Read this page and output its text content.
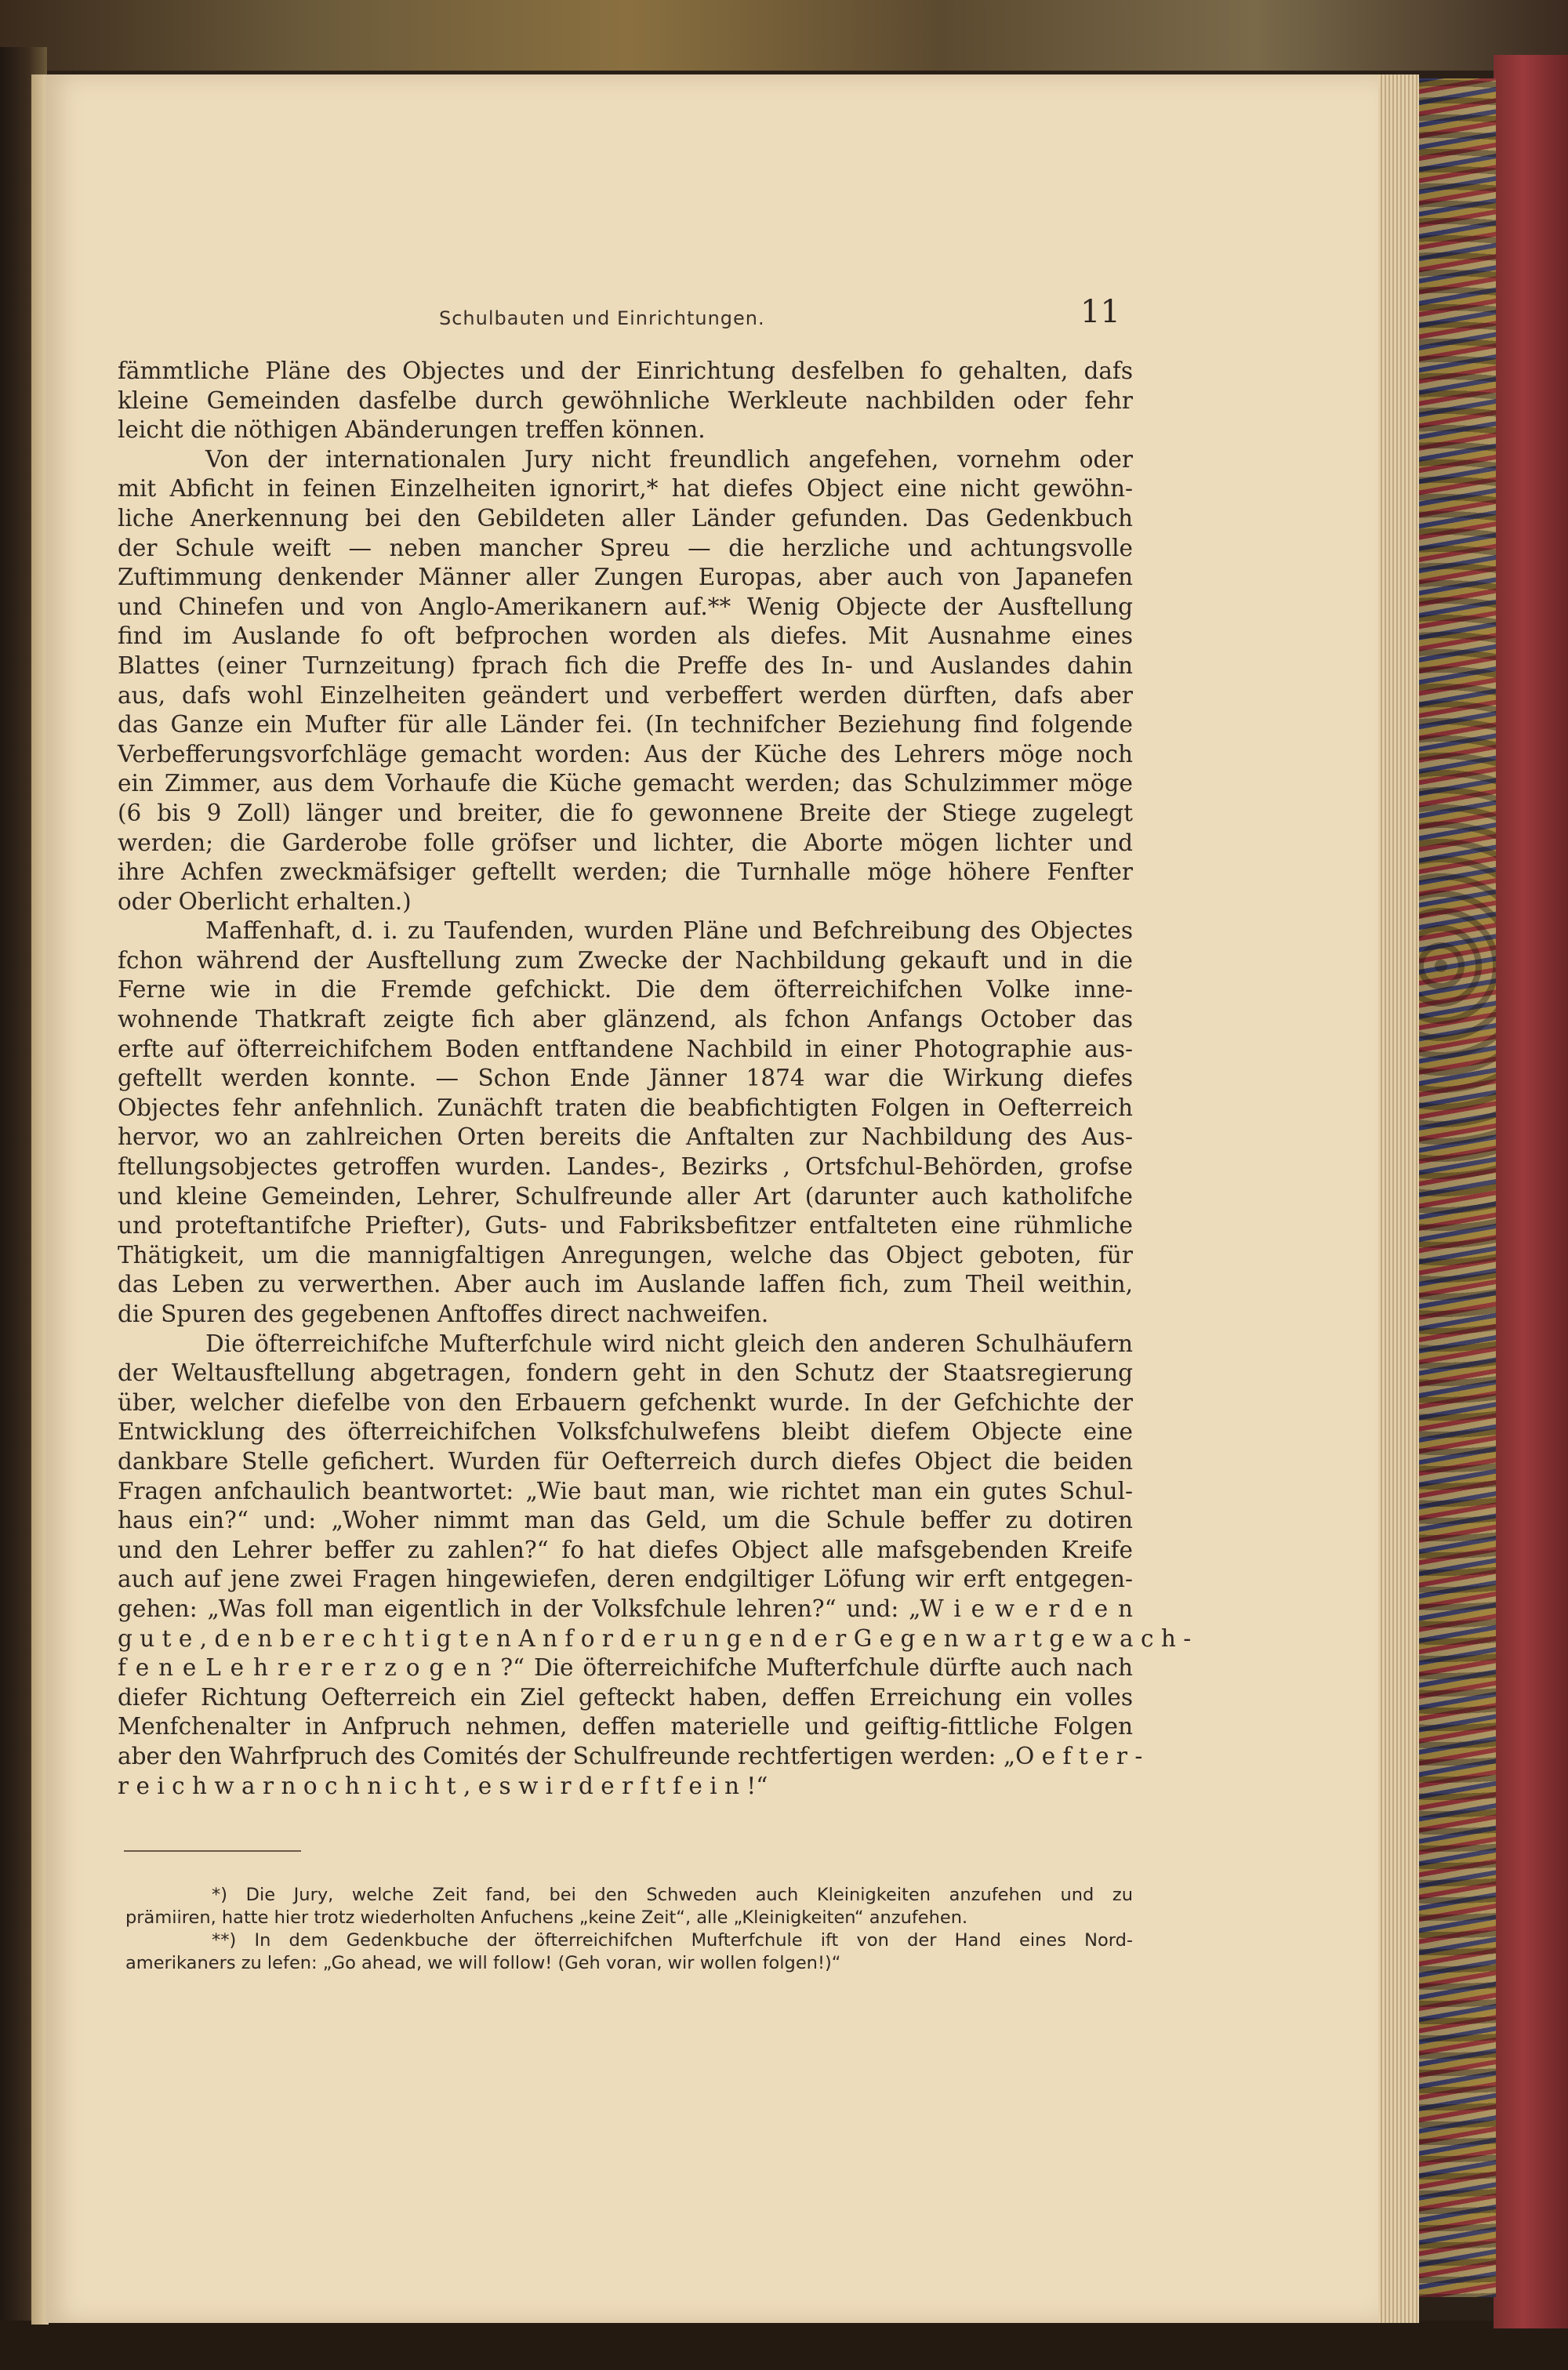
Schulbauten und Einrichtungen.	11
fämmtliche Pläne des Objectes und der Einrichtung desfelben fo gehalten, dafs
kleine Gemeinden dasfelbe durch gewöhnliche Werkleute nachbilden oder fehr
leicht die nöthigen Abänderungen treffen können.
Von der internationalen Jury nicht freundlich angefehen, vornehm oder
mit Abficht in feinen Einzelheiten ignorirt,* hat diefes Object eine nicht gewöhn-
liche Anerkennung bei den Gebildeten aller Länder gefunden. Das Gedenkbuch
der Schule weift — neben mancher Spreu — die herzliche und achtungsvolle
Zuftimmung denkender Männer aller Zungen Europas, aber auch von Japanefen
und Chinefen und von Anglo-Amerikanern auf.** Wenig Objecte der Ausftellung
find im Auslande fo oft befprochen worden als diefes. Mit Ausnahme eines
Blattes (einer Turnzeitung) fprach fich die Preffe des In- und Auslandes dahin
aus, dafs wohl Einzelheiten geändert und verbeffert werden dürften, dafs aber
das Ganze ein Mufter für alle Länder fei. (In technifcher Beziehung find folgende
Verbefferungsvorfchläge gemacht worden: Aus der Küche des Lehrers möge noch
ein Zimmer, aus dem Vorhaufe die Küche gemacht werden; das Schulzimmer möge
(6 bis 9 Zoll) länger und breiter, die fo gewonnene Breite der Stiege zugelegt
werden; die Garderobe folle gröfser und lichter, die Aborte mögen lichter und
ihre Achfen zweckmäfsiger geftellt werden; die Turnhalle möge höhere Fenfter
oder Oberlicht erhalten.)
Maffenhaft, d. i. zu Taufenden, wurden Pläne und Befchreibung des Objectes
fchon während der Ausftellung zum Zwecke der Nachbildung gekauft und in die
Ferne wie in die Fremde gefchickt. Die dem öfterreichifchen Volke inne-
wohnende Thatkraft zeigte fich aber glänzend, als fchon Anfangs October das
erfte auf öfterreichifchem Boden entftandene Nachbild in einer Photographie aus-
geftellt werden konnte. — Schon Ende Jänner 1874 war die Wirkung diefes
Objectes fehr anfehnlich. Zunächft traten die beabfichtigten Folgen in Oefterreich
hervor, wo an zahlreichen Orten bereits die Anftalten zur Nachbildung des Aus-
ftellungsobjectes getroffen wurden. Landes-, Bezirks , Ortsfchul-Behörden, grofse
und kleine Gemeinden, Lehrer, Schulfreunde aller Art (darunter auch katholifche
und proteftantifche Priefter), Guts- und Fabriksbefitzer entfalteten eine rühmliche
Thätigkeit, um die mannigfaltigen Anregungen, welche das Object geboten, für
das Leben zu verwerthen. Aber auch im Auslande laffen fich, zum Theil weithin,
die Spuren des gegebenen Anftoffes direct nachweifen.
Die öfterreichifche Mufterfchule wird nicht gleich den anderen Schulhäufern
der Weltausftellung abgetragen, fondern geht in den Schutz der Staatsregierung
über, welcher diefelbe von den Erbauern gefchenkt wurde. In der Gefchichte der
Entwicklung des öfterreichifchen Volksfchulwefens bleibt diefem Objecte eine
dankbare Stelle gefichert. Wurden für Oefterreich durch diefes Object die beiden
Fragen anfchaulich beantwortet: „Wie baut man, wie richtet man ein gutes Schul-
haus ein?“ und: „Woher nimmt man das Geld, um die Schule beffer zu dotiren
und den Lehrer beffer zu zahlen?“ fo hat diefes Object alle mafsgebenden Kreife
auch auf jene zwei Fragen hingewiefen, deren endgiltiger Löfung wir erft entgegen-
gehen: „Was foll man eigentlich in der Volksfchule lehren?“ und: „W i e w e r d e n
g u t e , d e n b e r e c h t i g t e n A n f o r d e r u n g e n d e r G e g e n w a r t g e w a c h -
f e n e L e h r e r e r z o g e n ?“ Die öfterreichifche Mufterfchule dürfte auch nach
diefer Richtung Oefterreich ein Ziel gefteckt haben, deffen Erreichung ein volles
Menfchenalter in Anfpruch nehmen, deffen materielle und geiftig-fittliche Folgen
aber den Wahrfpruch des Comités der Schulfreunde rechtfertigen werden: „O e f t e r -
r e i c h w a r n o c h n i c h t , e s w i r d e r f t f e i n !“
*) Die Jury, welche Zeit fand, bei den Schweden auch Kleinigkeiten anzufehen und zu
prämiiren, hatte hier trotz wiederholten Anfuchens „keine Zeit“, alle „Kleinigkeiten“ anzufehen.
**) In dem Gedenkbuche der öfterreichifchen Mufterfchule ift von der Hand eines Nord-
amerikaners zu lefen: „Go ahead, we will follow! (Geh voran, wir wollen folgen!)“
